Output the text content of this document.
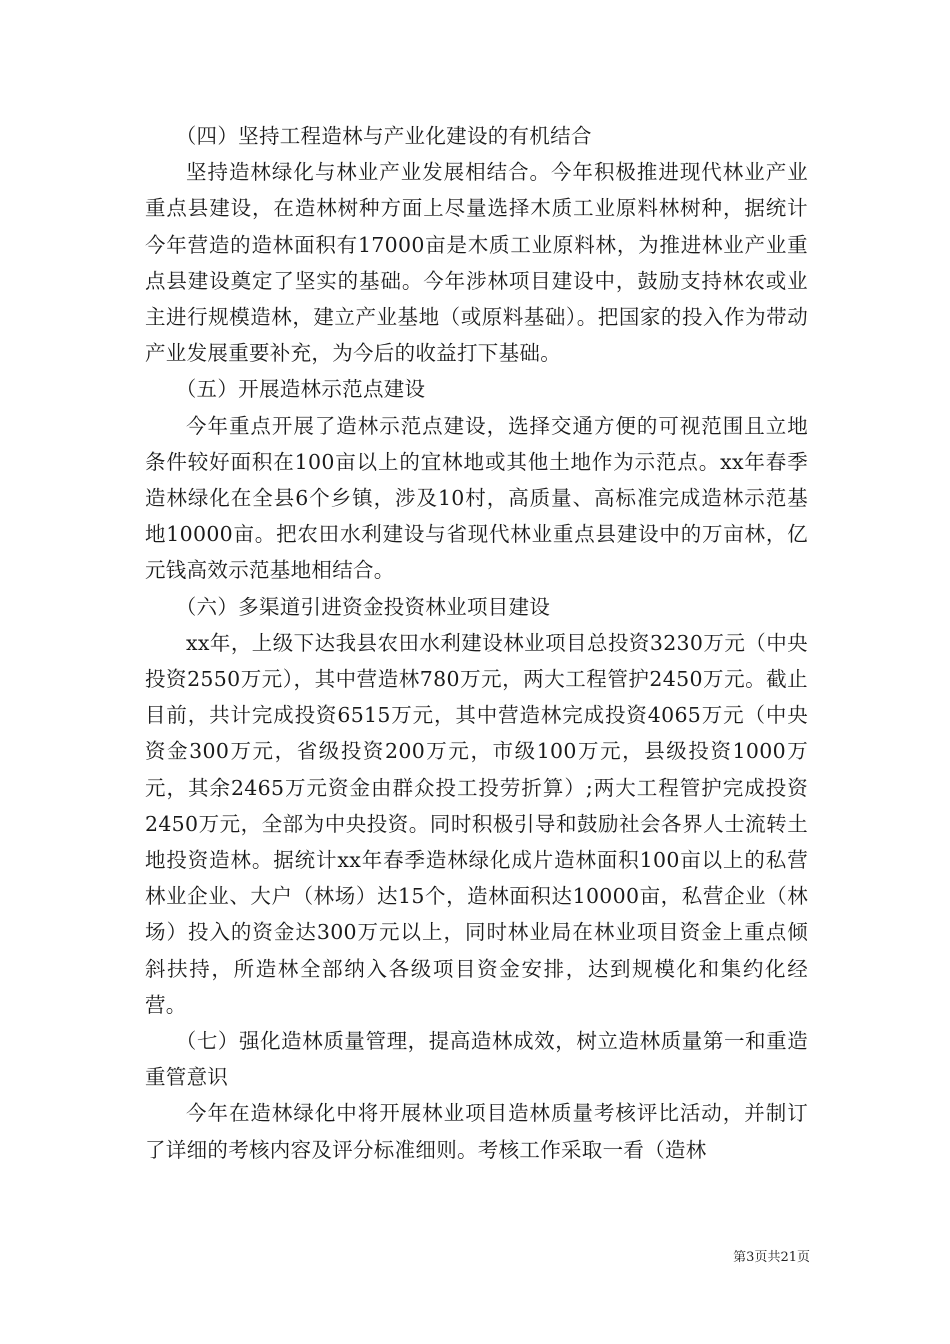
（四）坚持工程造林与产业化建设的有机结合

坚持造林绿化与林业产业发展相结合。今年积极推进现代林业产业重点县建设，在造林树种方面上尽量选择木质工业原料林树种，据统计今年营造的造林面积有17000亩是木质工业原料林，为推进林业产业重点县建设奠定了坚实的基础。今年涉林项目建设中，鼓励支持林农或业主进行规模造林，建立产业基地（或原料基础）。把国家的投入作为带动产业发展重要补充，为今后的收益打下基础。

（五）开展造林示范点建设

今年重点开展了造林示范点建设，选择交通方便的可视范围且立地条件较好面积在100亩以上的宜林地或其他土地作为示范点。xx年春季造林绿化在全县6个乡镇，涉及10村，高质量、高标准完成造林示范基地10000亩。把农田水利建设与省现代林业重点县建设中的万亩林，亿元钱高效示范基地相结合。

（六）多渠道引进资金投资林业项目建设

xx年，上级下达我县农田水利建设林业项目总投资3230万元（中央投资2550万元），其中营造林780万元，两大工程管护2450万元。截止目前，共计完成投资6515万元，其中营造林完成投资4065万元（中央资金300万元，省级投资200万元，市级100万元，县级投资1000万元，其余2465万元资金由群众投工投劳折算）;两大工程管护完成投资2450万元，全部为中央投资。同时积极引导和鼓励社会各界人士流转土地投资造林。据统计xx年春季造林绿化成片造林面积100亩以上的私营林业企业、大户（林场）达15个，造林面积达10000亩，私营企业（林场）投入的资金达300万元以上，同时林业局在林业项目资金上重点倾斜扶持，所造林全部纳入各级项目资金安排，达到规模化和集约化经营。

（七）强化造林质量管理，提高造林成效，树立造林质量第一和重造重管意识

今年在造林绿化中将开展林业项目造林质量考核评比活动，并制订了详细的考核内容及评分标准细则。考核工作采取一看（造林

第3页共21页
